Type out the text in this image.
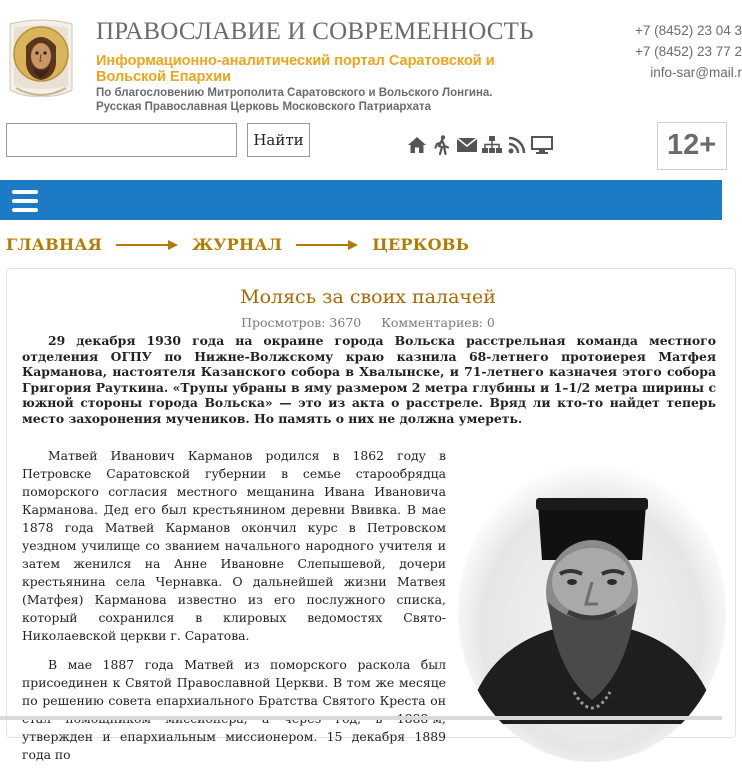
ПРАВОСЛАВИЕ И СОВРЕМЕННОСТЬ
Информационно-аналитический портал Саратовской и Вольской Епархии
По благословению Митрополита Саратовского и Вольского Лонгина.
Русская Православная Церковь Московского Патриархата
+7 (8452) 23 04 3
+7 (8452) 23 77 2
info-sar@mail.r
Найти	12+
ГЛАВНАЯ	ЖУРНАЛ	ЦЕРКОВЬ
Молясь за своих палачей
Просмотров: 3670 Комментариев: 0
29 декабря 1930 года на окраине города Вольска расстрельная команда местного отделения ОГПУ по Нижне-Волжскому краю казнила 68-летнего протоиерея Матфея Карманова, настоятеля Казанского собора в Хвалынске, и 71-летнего казначея этого собора Григория Рауткина. «Трупы убраны в яму размером 2 метра глубины и 1–1/2 метра ширины с южной стороны города Вольска» — это из акта о расстреле. Вряд ли кто-то найдет теперь место захоронения мучеников. Но память о них не должна умереть.

Матвей Иванович Карманов родился в 1862 году в Петровске Саратовской губернии в семье старообрядца поморского согласия местного мещанина Ивана Ивановича Карманова. Дед его был крестьянином деревни Ввивка. В мае 1878 года Матвей Карманов окончил курс в Петровском уездном училище со званием начального народного учителя и затем женился на Анне Ивановне Слепышевой, дочери крестьянина села Чернавка. О дальнейшей жизни Матвея (Матфея) Карманова известно из его послужного списка, который сохранился в клировых ведомостях Свято-Николаевской церкви г. Саратова.

В мае 1887 года Матвей из поморского раскола был присоединен к Святой Православной Церкви. В том же месяце по решению совета епархиального Братства Святого Креста он утвержден и епархиальным миссионером. 15 декабря 1889 года по
